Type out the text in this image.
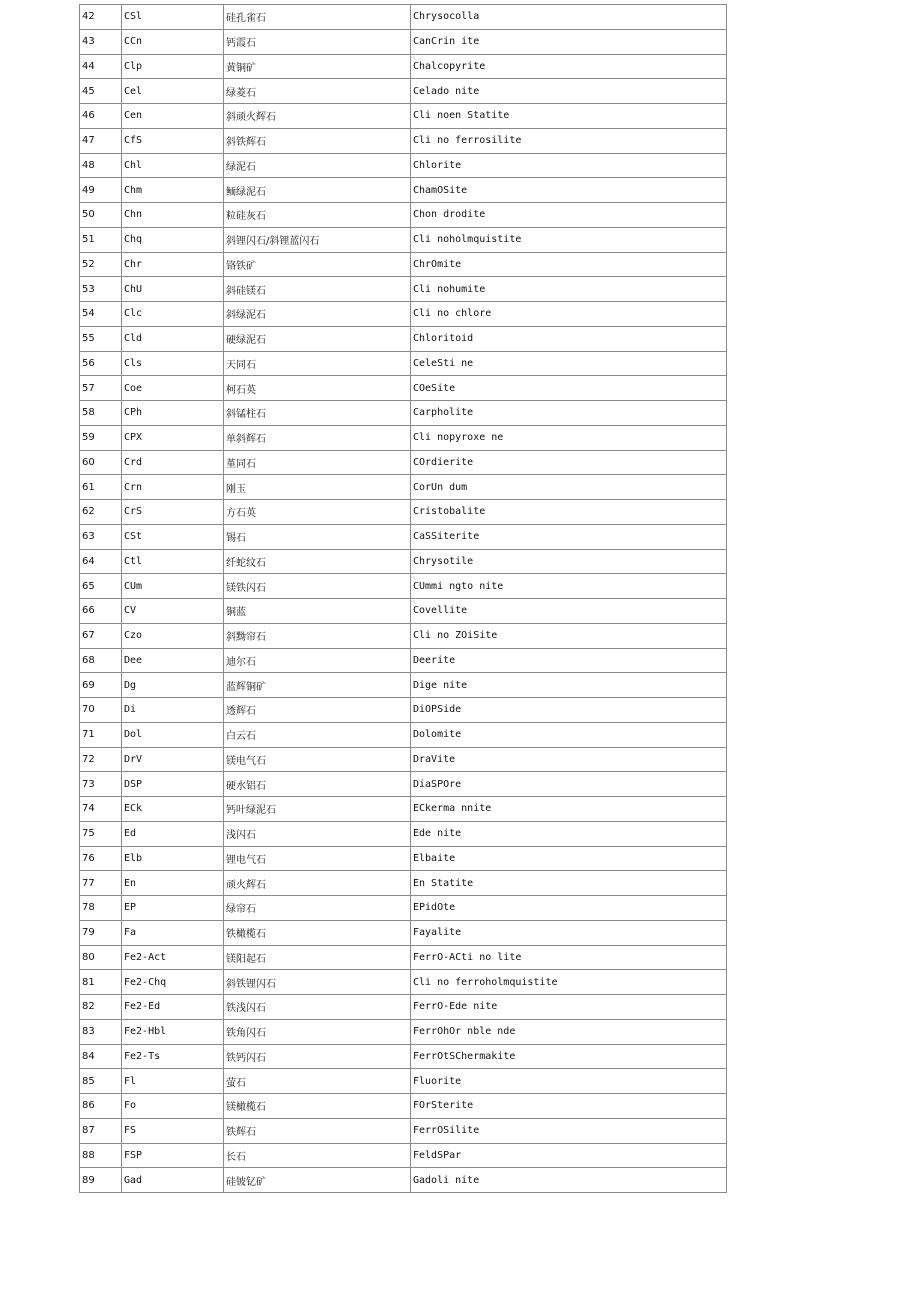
42	CSl	硅孔雀石	Chrysocolla
43	CCn	钙霞石	CanCrin ite
44	Clp	黄铜矿	Chalcopyrite
45	Cel	绿菱石	Celado nite
46	Cen	斜顽火辉石	Cli noen Statite
47	CfS	斜铁辉石	Cli no ferrosilite
48	Chl	绿泥石	Chlorite
49	Chm	鲕绿泥石	ChamOSite
50	Chn	粒硅灰石	Chon drodite
51	Chq	斜锂闪石/斜锂蓝闪石	Cli noholmquistite
52	Chr	铬铁矿	ChrOmite
53	ChU	斜硅镁石	Cli nohumite
54	Clc	斜绿泥石	Cli no chlore
55	Cld	硬绿泥石	Chloritoid
56	Cls	天同石	CeleSti ne
57	Coe	柯石英	COeSite
58	CPh	斜锰柱石	Carpholite
59	CPX	单斜辉石	Cli nopyroxe ne
60	Crd	堇同石	COrdierite
61	Crn	刚玉	CorUn dum
62	CrS	方石英	Cristobalite
63	CSt	锡石	CaSSiterite
64	Ctl	纤蛇纹石	Chrysotile
65	CUm	镁铁闪石	CUmmi ngto nite
66	CV	铜蓝	Covellite
67	Czo	斜黝帘石	Cli no ZOiSite
68	Dee	迪尔石	Deerite
69	Dg	蓝辉铜矿	Dige nite
70	Di	透辉石	DiOPSide
71	Dol	白云石	Dolomite
72	DrV	镁电气石	DraVite
73	DSP	硬水铝石	DiaSPOre
74	ECk	钙叶绿泥石	ECkerma nnite
75	Ed	浅闪石	Ede nite
76	Elb	锂电气石	Elbaite
77	En	顽火辉石	En Statite
78	EP	绿帘石	EPidOte
79	Fa	铁橄榄石	Fayalite
80	Fe2-Act	镁阳起石	FerrO-ACti no lite
81	Fe2-Chq	斜铁锂闪石	Cli no ferroholmquistite
82	Fe2-Ed	铁浅闪石	FerrO-Ede nite
83	Fe2-Hbl	铁角闪石	FerrOhOr nble nde
84	Fe2-Ts	铁钙闪石	FerrOtSChermakite
85	Fl	萤石	Fluorite
86	Fo	镁橄榄石	FOrSterite
87	FS	铁辉石	FerrOSilite
88	FSP	长石	FeldSPar
89	Gad	硅铍钇矿	Gadoli nite
